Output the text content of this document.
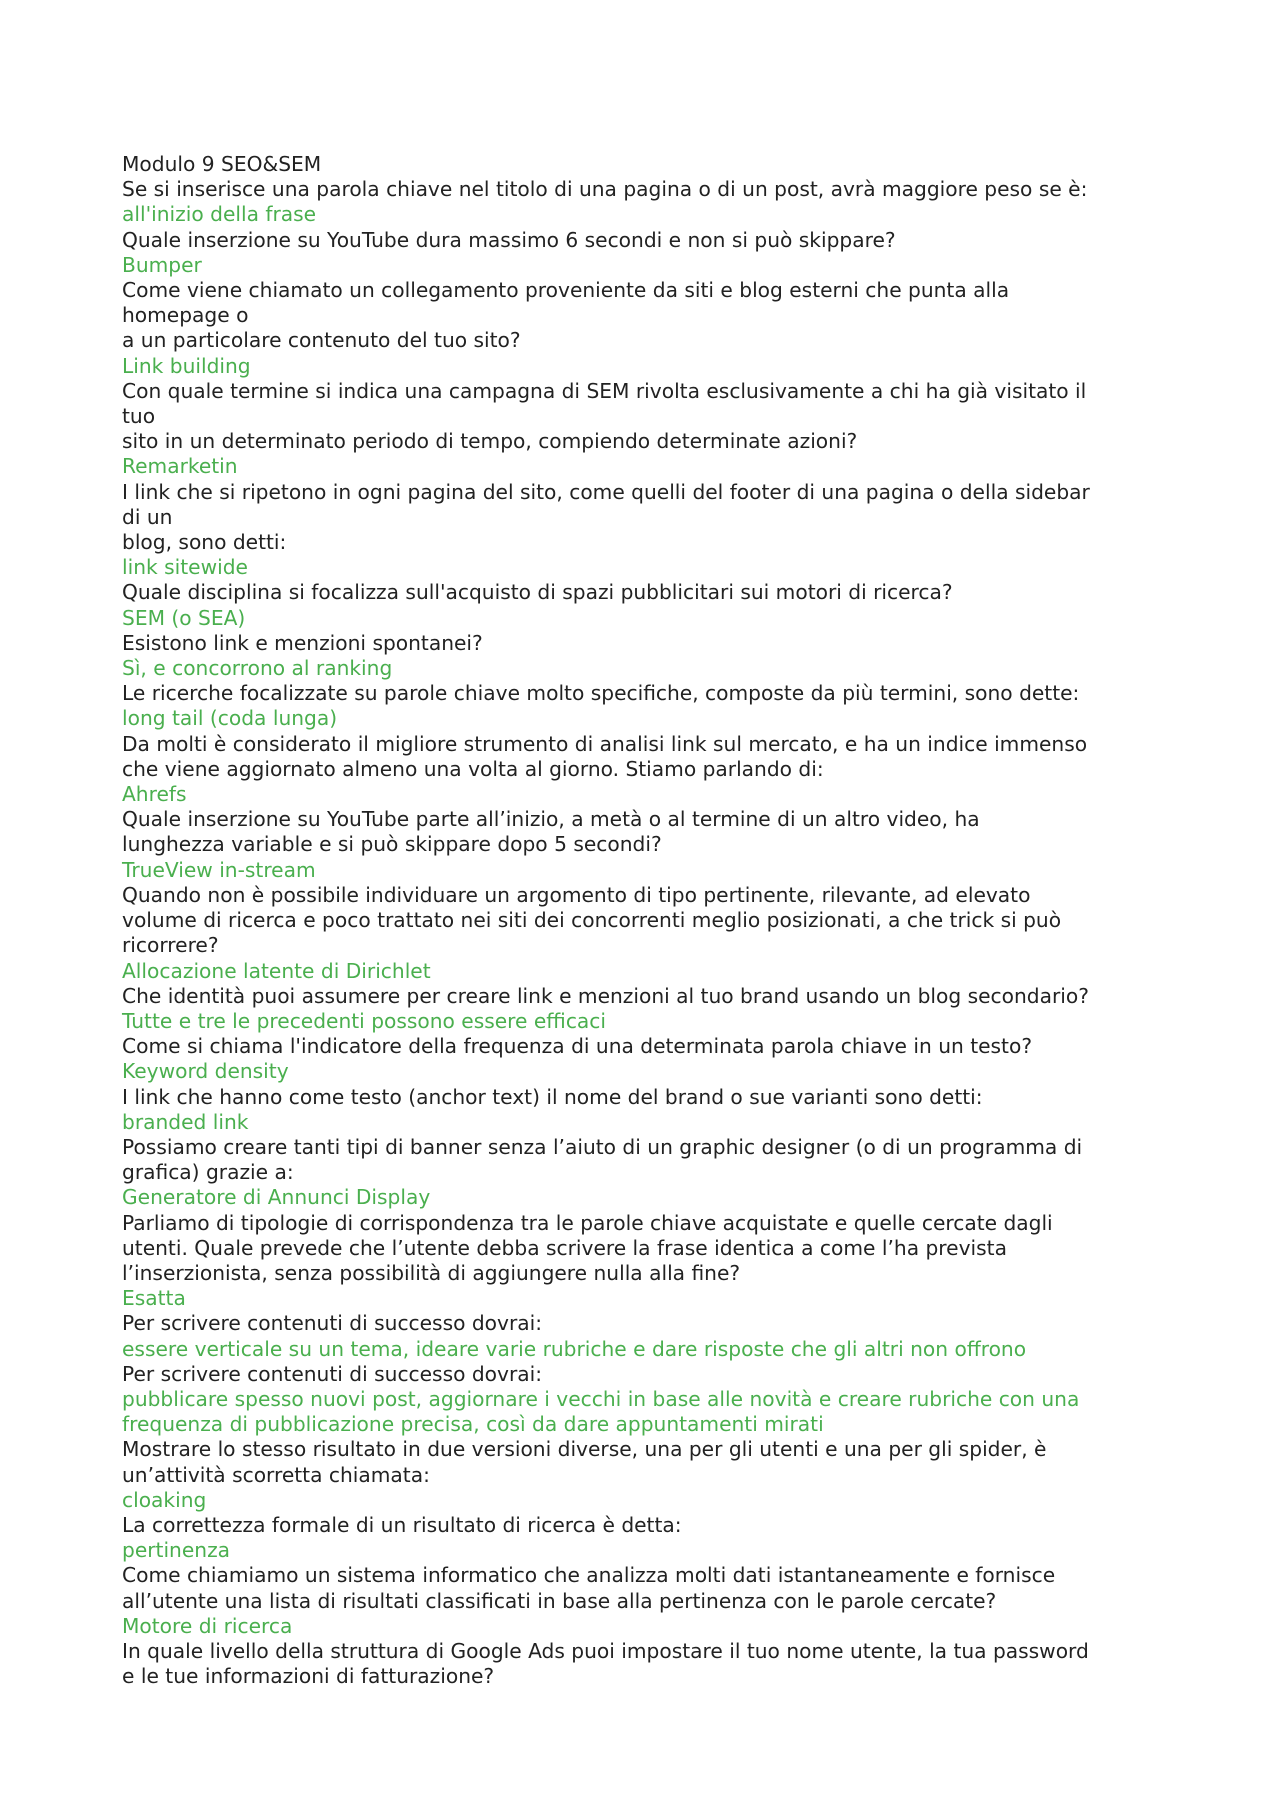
Modulo 9 SEO&SEM
Se si inserisce una parola chiave nel titolo di una pagina o di un post, avrà maggiore peso se è:
all'inizio della frase
Quale inserzione su YouTube dura massimo 6 secondi e non si può skippare?
Bumper
Come viene chiamato un collegamento proveniente da siti e blog esterni che punta alla
homepage o
a un particolare contenuto del tuo sito?
Link building
Con quale termine si indica una campagna di SEM rivolta esclusivamente a chi ha già visitato il
tuo
sito in un determinato periodo di tempo, compiendo determinate azioni?
Remarketin
I link che si ripetono in ogni pagina del sito, come quelli del footer di una pagina o della sidebar
di un
blog, sono detti:
link sitewide
Quale disciplina si focalizza sull'acquisto di spazi pubblicitari sui motori di ricerca?
SEM (o SEA)
Esistono link e menzioni spontanei?
Sì, e concorrono al ranking
Le ricerche focalizzate su parole chiave molto specifiche, composte da più termini, sono dette:
long tail (coda lunga)
Da molti è considerato il migliore strumento di analisi link sul mercato, e ha un indice immenso
che viene aggiornato almeno una volta al giorno. Stiamo parlando di:
Ahrefs
Quale inserzione su YouTube parte all’inizio, a metà o al termine di un altro video, ha
lunghezza variable e si può skippare dopo 5 secondi?
TrueView in-stream
Quando non è possibile individuare un argomento di tipo pertinente, rilevante, ad elevato
volume di ricerca e poco trattato nei siti dei concorrenti meglio posizionati, a che trick si può
ricorrere?
Allocazione latente di Dirichlet
Che identità puoi assumere per creare link e menzioni al tuo brand usando un blog secondario?
Tutte e tre le precedenti possono essere efficaci
Come si chiama l'indicatore della frequenza di una determinata parola chiave in un testo?
Keyword density
I link che hanno come testo (anchor text) il nome del brand o sue varianti sono detti:
branded link
Possiamo creare tanti tipi di banner senza l’aiuto di un graphic designer (o di un programma di
grafica) grazie a:
Generatore di Annunci Display
Parliamo di tipologie di corrispondenza tra le parole chiave acquistate e quelle cercate dagli
utenti. Quale prevede che l’utente debba scrivere la frase identica a come l’ha prevista
l’inserzionista, senza possibilità di aggiungere nulla alla fine?
Esatta
Per scrivere contenuti di successo dovrai:
essere verticale su un tema, ideare varie rubriche e dare risposte che gli altri non offrono
Per scrivere contenuti di successo dovrai:
pubblicare spesso nuovi post, aggiornare i vecchi in base alle novità e creare rubriche con una
frequenza di pubblicazione precisa, così da dare appuntamenti mirati
Mostrare lo stesso risultato in due versioni diverse, una per gli utenti e una per gli spider, è
un’attività scorretta chiamata:
cloaking
La correttezza formale di un risultato di ricerca è detta:
pertinenza
Come chiamiamo un sistema informatico che analizza molti dati istantaneamente e fornisce
all’utente una lista di risultati classificati in base alla pertinenza con le parole cercate?
Motore di ricerca
In quale livello della struttura di Google Ads puoi impostare il tuo nome utente, la tua password
e le tue informazioni di fatturazione?
